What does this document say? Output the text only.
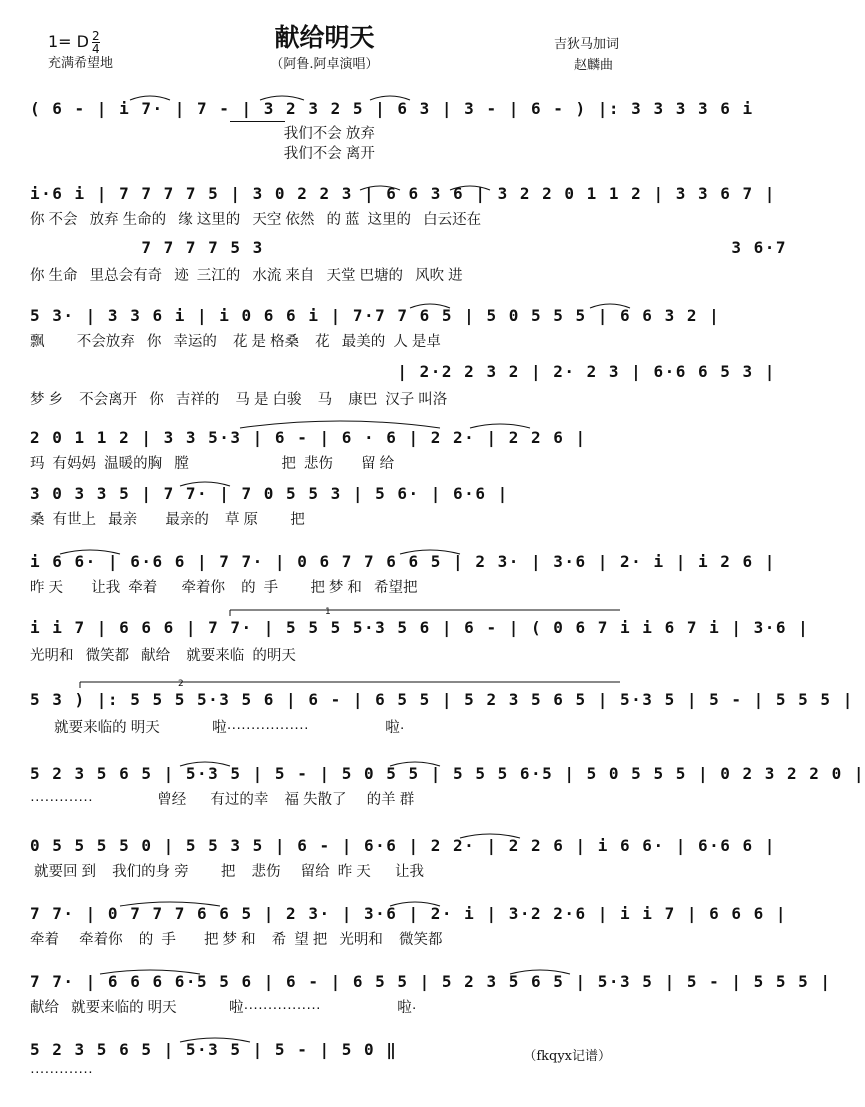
献给明天
1= D $\frac{2}{4}$
充满希望地	（阿鲁.阿卓演唱）
吉狄马加词
赵麟曲
( 6 - | i 7· | 7 - | 3 2 3 2 5 | 6 3 | 3 - | 6 - ) |: 3 3 3 3 6 i
我们不会 放弃
我们不会 离开
i·6 i | 7 7 7 7 5 | 3 0 2 2 3 | 6 6 3 6 | 3 2 2 0 1 1 2 | 3 3 6 7 |
你 不会   放弃 生命的   缘 这里的   天空 依然   的 蓝  这里的   白云还在
7 7 7 7 5 3                                          3 6·7
你 生命   里总会有奇   迹  三江的   水流 来自   天堂 巴塘的   风吹 进
5 3· | 3 3 6 i | i 0 6 6 i | 7·7 7 6 5 | 5 0 5 5 5 | 6 6 3 2 |
飘        不会放弃   你   幸运的    花 是 格桑    花   最美的  人 是卓
| 2·2 2 3 2 | 2· 2 3 | 6·6 6 5 3 |
梦 乡    不会离开   你   吉祥的    马 是 白骏    马    康巴  汉子 叫洛
2 0 1 1 2 | 3 3 5·3 | 6 - | 6 · 6 | 2 2· | 2 2 6 |
玛  有妈妈  温暖的胸   膛                       把  悲伤       留 给
3 0 3 3 5 | 7 7· | 7 0 5 5 3 | 5 6· | 6·6 |
桑  有世上   最亲       最亲的    草 原        把
i 6 6· | 6·6 6 | 7 7· | 0 6 7 7 6 6 5 | 2 3· | 3·6 | 2· i | i 2 6 |
昨 天       让我  牵着      牵着你    的  手        把 梦 和   希望把
1
i i 7 | 6 6 6 | 7 7· | 5 5 5 5·3 5 6 | 6 - | ( 0 6 7 i i 6 7 i | 3·6 |
光明和   微笑都   献给    就要来临  的明天
2
5 3 ) |: 5 5 5 5·3 5 6 | 6 - | 6 5 5 | 5 2 3 5 6 5 | 5·3 5 | 5 - | 5 5 5 |
就要来临的 明天             啦·················                   啦·
5 2 3 5 6 5 | 5·3 5 | 5 - | 5 0 5 5 | 5 5 5 6·5 | 5 0 5 5 5 | 0 2 3 2 2 0 |
·············                曾经      有过的幸    福 失散了     的羊 群
0 5 5 5 5 0 | 5 5 3 5 | 6 - | 6·6 | 2 2· | 2 2 6 | i 6 6· | 6·6 6 |
就要回 到    我们的身 旁        把    悲伤     留给  昨 天      让我
7 7· | 0 7 7 7 6 6 5 | 2 3· | 3·6 | 2· i | 3·2 2·6 | i i 7 | 6 6 6 |
牵着     牵着你    的  手       把 梦 和    希  望 把   光明和    微笑都
7 7· | 6 6 6 6·5 5 6 | 6 - | 6 5 5 | 5 2 3 5 6 5 | 5·3 5 | 5 - | 5 5 5 |
献给   就要来临的 明天             啦················                   啦·
5 2 3 5 6 5 | 5·3 5 | 5 - | 5 0 ‖
·············
（fkqyx记谱）
